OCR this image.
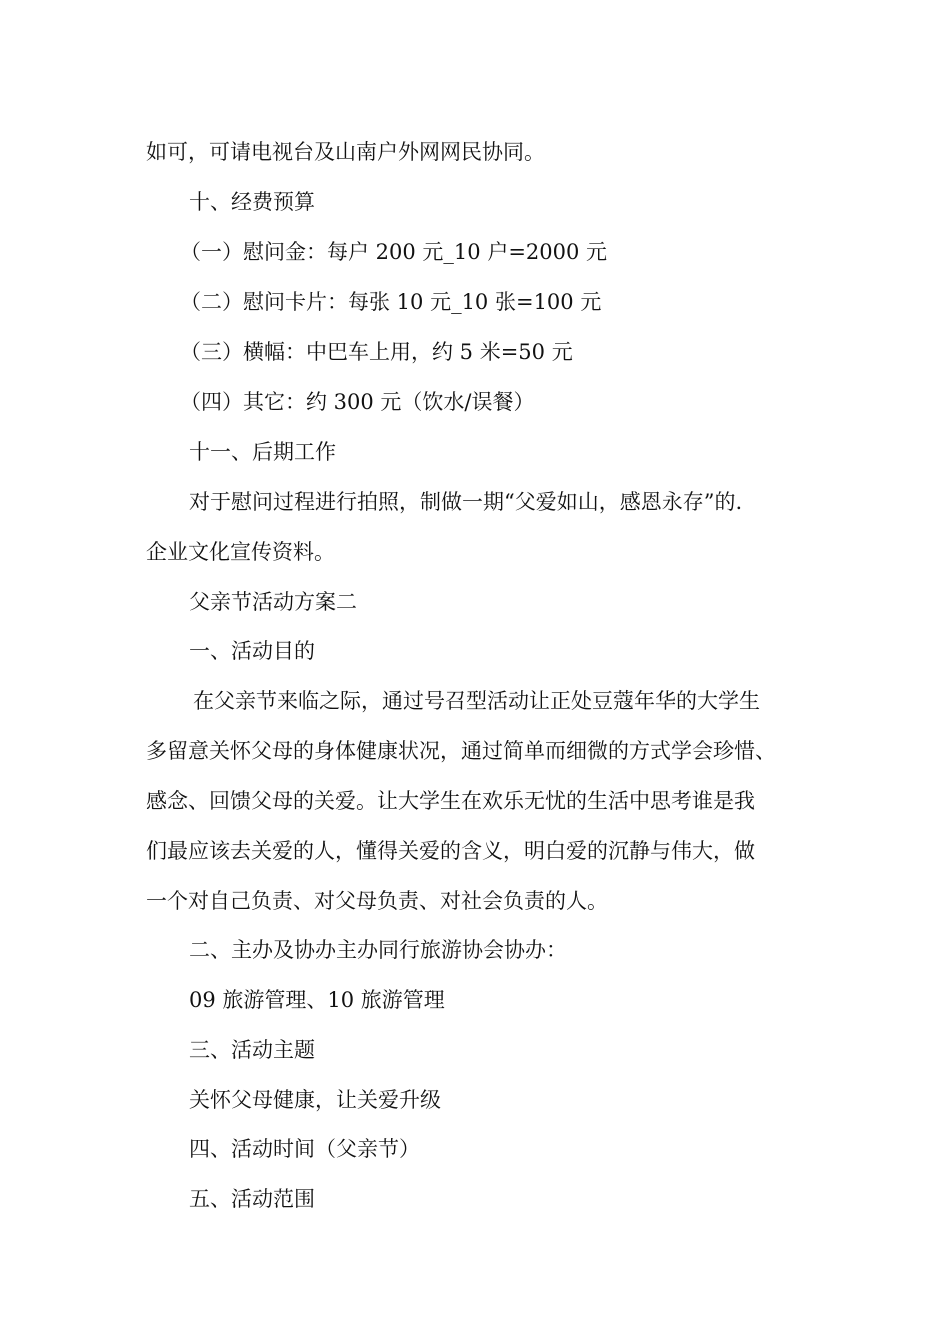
如可，可请电视台及山南户外网网民协同。
十、经费预算
（一）慰问金：每户 200 元_10 户=2000 元
（二）慰问卡片：每张 10 元_10 张=100 元
（三）横幅：中巴车上用，约 5 米=50 元
（四）其它：约 300 元（饮水/误餐）
十一、后期工作
对于慰问过程进行拍照，制做一期“父爱如山，感恩永存”的.
企业文化宣传资料。
父亲节活动方案二
一、活动目的
在父亲节来临之际，通过号召型活动让正处豆蔻年华的大学生
多留意关怀父母的身体健康状况，通过简单而细微的方式学会珍惜、
感念、回馈父母的关爱。让大学生在欢乐无忧的生活中思考谁是我
们最应该去关爱的人，懂得关爱的含义，明白爱的沉静与伟大，做
一个对自己负责、对父母负责、对社会负责的人。
二、主办及协办主办同行旅游协会协办：
09 旅游管理、10 旅游管理
三、活动主题
关怀父母健康，让关爱升级
四、活动时间（父亲节）
五、活动范围
